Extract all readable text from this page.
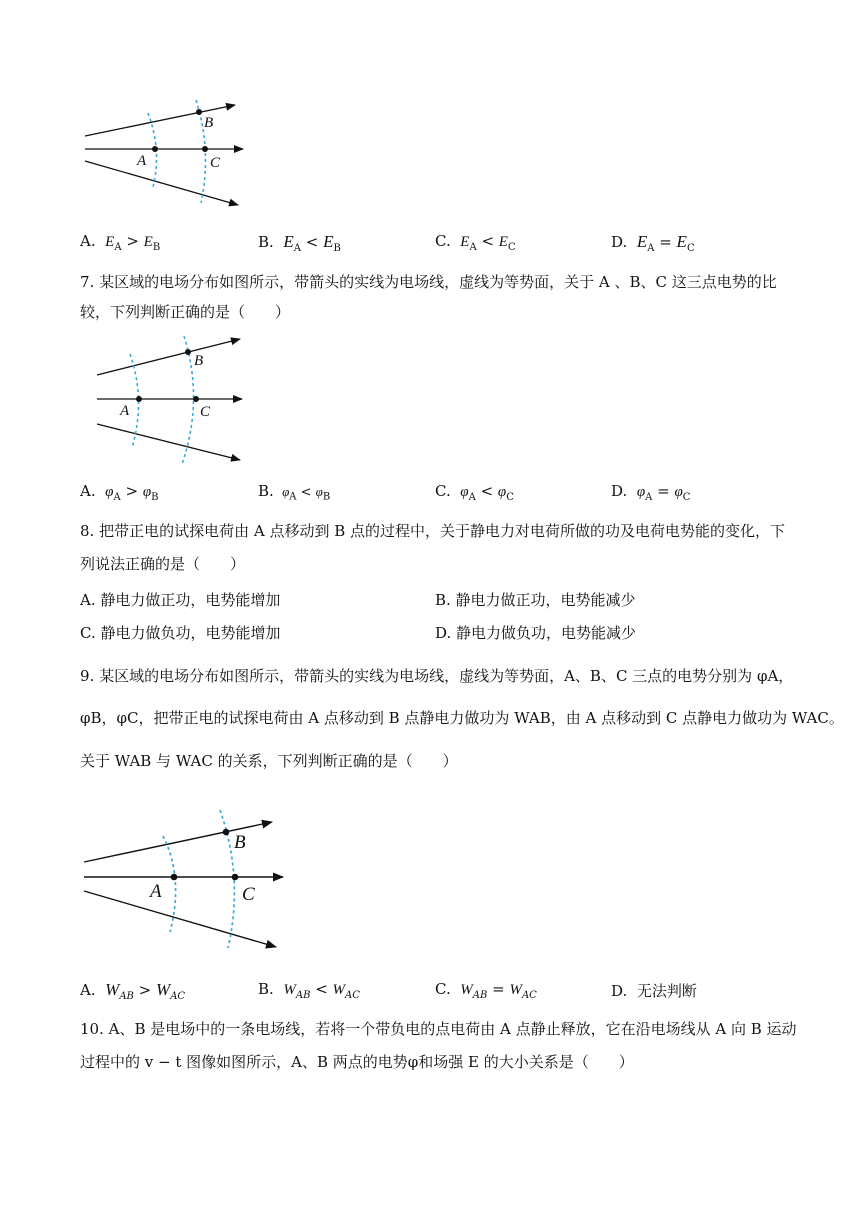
B
A	C
A. $E_A > E_B$	B. $E_A < E_B$	C. $E_A < E_C$	D. $E_A = E_C$
7. 某区域的电场分布如图所示，带箭头的实线为电场线，虚线为等势面，关于 A 、B、C 这三点电势的比
较，下列判断正确的是（　　）
B
A	C
A. $\varphi_A > \varphi_B$	B. $\varphi_A < \varphi_B$	C. $\varphi_A < \varphi_C$	D. $\varphi_A = \varphi_C$
8. 把带正电的试探电荷由 A 点移动到 B 点的过程中，关于静电力对电荷所做的功及电荷电势能的变化，下
列说法正确的是（　　）
A. 静电力做正功，电势能增加	B. 静电力做正功，电势能减少
C. 静电力做负功，电势能增加	D. 静电力做负功，电势能减少
9. 某区域的电场分布如图所示，带箭头的实线为电场线，虚线为等势面，A、B、C 三点的电势分别为 φA，
φB，φC，把带正电的试探电荷由 A 点移动到 B 点静电力做功为 WAB，由 A 点移动到 C 点静电力做功为 WAC。
关于 WAB 与 WAC 的关系，下列判断正确的是（　　）
B
A	C
A. $W_{AB} > W_{AC}$	B. $W_{AB} < W_{AC}$	C. $W_{AB} = W_{AC}$	D. 无法判断
10. A、B 是电场中的一条电场线，若将一个带负电的点电荷由 A 点静止释放，它在沿电场线从 A 向 B 运动
过程中的 v − t 图像如图所示，A、B 两点的电势φ和场强 E 的大小关系是（　　）
